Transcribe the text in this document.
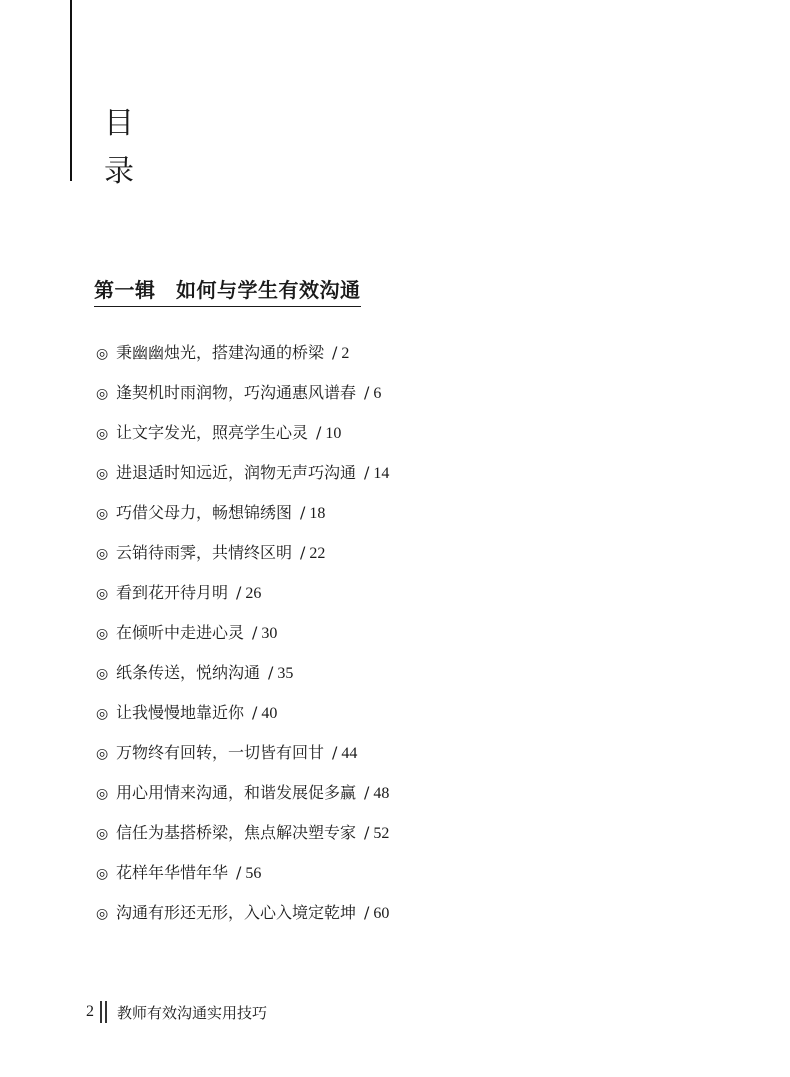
目
录
第一辑　如何与学生有效沟通
◎ 秉幽幽烛光，搭建沟通的桥梁 / 2
◎ 逢契机时雨润物，巧沟通惠风谱春 / 6
◎ 让文字发光，照亮学生心灵 / 10
◎ 进退适时知远近，润物无声巧沟通 / 14
◎ 巧借父母力，畅想锦绣图 / 18
◎ 云销待雨霁，共情终区明 / 22
◎ 看到花开待月明 / 26
◎ 在倾听中走进心灵 / 30
◎ 纸条传送，悦纳沟通 / 35
◎ 让我慢慢地靠近你 / 40
◎ 万物终有回转，一切皆有回甘 / 44
◎ 用心用情来沟通，和谐发展促多赢 / 48
◎ 信任为基搭桥梁，焦点解决塑专家 / 52
◎ 花样年华惜年华 / 56
◎ 沟通有形还无形，入心入境定乾坤 / 60
2 教师有效沟通实用技巧
